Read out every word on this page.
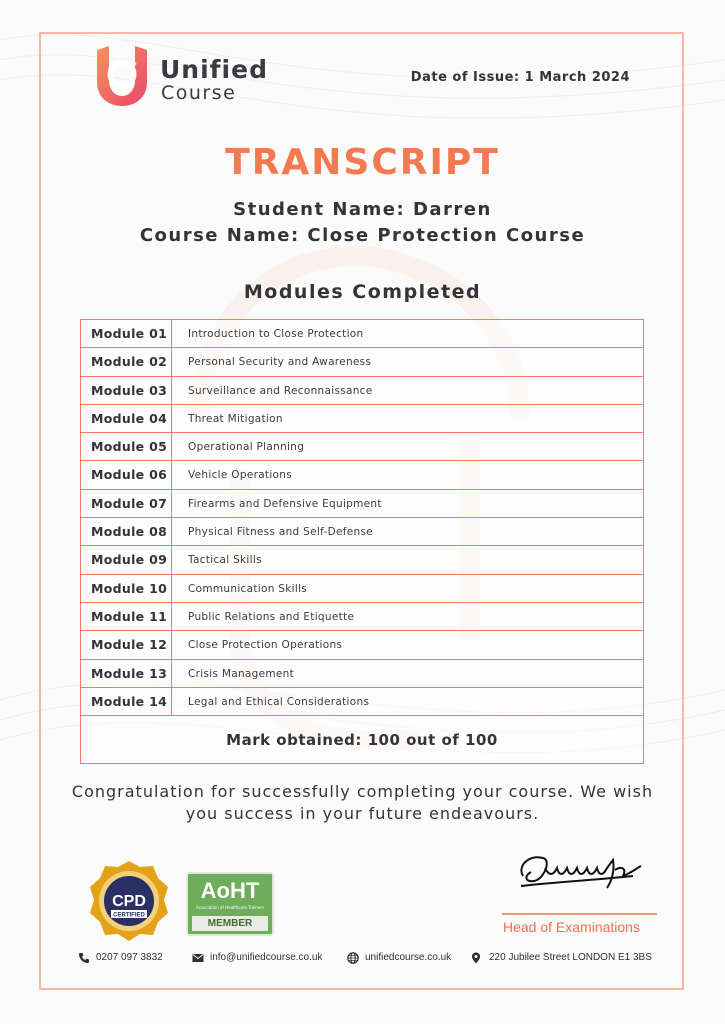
Unified
Course
Date of Issue: 1 March 2024
TRANSCRIPT
Student Name: Darren
Course Name: Close Protection Course
Modules Completed
Module 01	Introduction to Close Protection
Module 02	Personal Security and Awareness
Module 03	Surveillance and Reconnaissance
Module 04	Threat Mitigation
Module 05	Operational Planning
Module 06	Vehicle Operations
Module 07	Firearms and Defensive Equipment
Module 08	Physical Fitness and Self-Defense
Module 09	Tactical Skills
Module 10	Communication Skills
Module 11	Public Relations and Etiquette
Module 12	Close Protection Operations
Module 13	Crisis Management
Module 14	Legal and Ethical Considerations
Mark obtained: 100 out of 100
Congratulation for successfully completing your course. We wish you success in your future endeavours.
Head of Examinations
CPD
CERTIFIED
AoHT
Association of Healthcare Trainers
MEMBER
0207 097 3832	info@unifiedcourse.co.uk	unifiedcourse.co.uk	220 Jubilee Street LONDON E1 3BS
